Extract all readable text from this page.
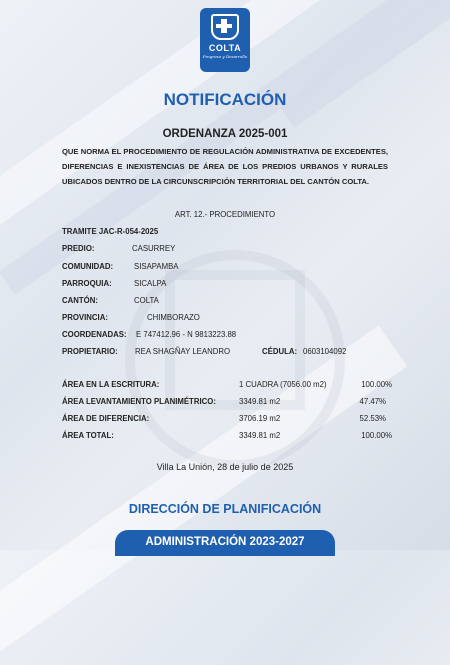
COLTA
Progreso y Desarrollo
NOTIFICACIÓN
ORDENANZA 2025-001
QUE NORMA EL PROCEDIMIENTO DE REGULACIÓN ADMINISTRATIVA DE EXCEDENTES, DIFERENCIAS E INEXISTENCIAS DE ÁREA DE LOS PREDIOS URBANOS Y RURALES UBICADOS DENTRO DE LA CIRCUNSCRIPCIÓN TERRITORIAL DEL CANTÓN COLTA.
ART. 12.- PROCEDIMIENTO
TRAMITE JAC-R-054-2025
PREDIO:	CASURREY
COMUNIDAD:	SISAPAMBA
PARROQUIA:	SICALPA
CANTÓN:	COLTA
PROVINCIA:	CHIMBORAZO
COORDENADAS: E 747412.96 - N 9813223.88
PROPIETARIO: REA SHAGÑAY LEANDRO	CÉDULA: 0603104092
ÁREA EN LA ESCRITURA:	1 CUADRA (7056.00 m2)	100.00%
ÁREA LEVANTAMIENTO PLANIMÉTRICO:	3349.81 m2	47.47%
ÁREA DE DIFERENCIA:	3706.19 m2	52.53%
ÁREA TOTAL:	3349.81 m2	100.00%
Villa La Unión, 28 de julio de 2025
DIRECCIÓN DE PLANIFICACIÓN
ADMINISTRACIÓN 2023-2027
